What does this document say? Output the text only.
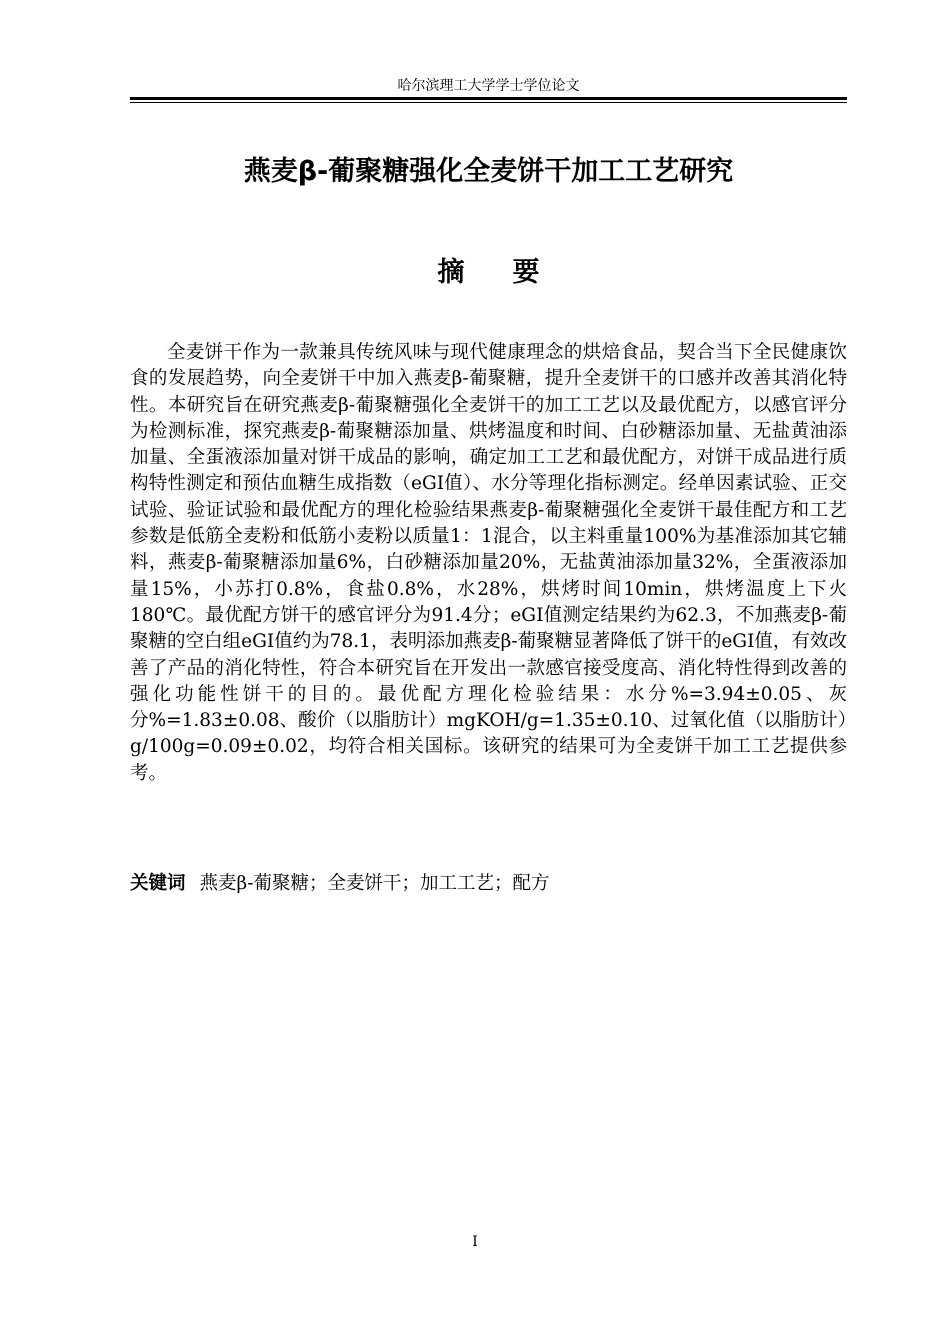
哈尔滨理工大学学士学位论文
燕麦β-葡聚糖强化全麦饼干加工工艺研究
摘要

全麦饼干作为一款兼具传统风味与现代健康理念的烘焙食品，契合当下全民健康饮食的发展趋势，向全麦饼干中加入燕麦β-葡聚糖，提升全麦饼干的口感并改善其消化特性。本研究旨在研究燕麦β-葡聚糖强化全麦饼干的加工工艺以及最优配方，以感官评分为检测标准，探究燕麦β-葡聚糖添加量、烘烤温度和时间、白砂糖添加量、无盐黄油添加量、全蛋液添加量对饼干成品的影响，确定加工工艺和最优配方，对饼干成品进行质构特性测定和预估血糖生成指数（eGI值）、水分等理化指标测定。经单因素试验、正交试验、验证试验和最优配方的理化检验结果燕麦β-葡聚糖强化全麦饼干最佳配方和工艺参数是低筋全麦粉和低筋小麦粉以质量1：1混合，以主料重量100%为基准添加其它辅料，燕麦β-葡聚糖添加量6%，白砂糖添加量20%，无盐黄油添加量32%，全蛋液添加量15%，小苏打0.8%，食盐0.8%，水28%，烘烤时间10min，烘烤温度上下火180℃。最优配方饼干的感官评分为91.4分；eGI值测定结果约为62.3，不加燕麦β-葡聚糖的空白组eGI值约为78.1，表明添加燕麦β-葡聚糖显著降低了饼干的eGI值，有效改善了产品的消化特性，符合本研究旨在开发出一款感官接受度高、消化特性得到改善的强化功能性饼干的目的。最优配方理化检验结果：水分%=3.94±0.05、灰分%=1.83±0.08、酸价（以脂肪计）mgKOH/g=1.35±0.10、过氧化值（以脂肪计）g/100g=0.09±0.02，均符合相关国标。该研究的结果可为全麦饼干加工工艺提供参考。

关键词 燕麦β-葡聚糖；全麦饼干；加工工艺；配方

I
